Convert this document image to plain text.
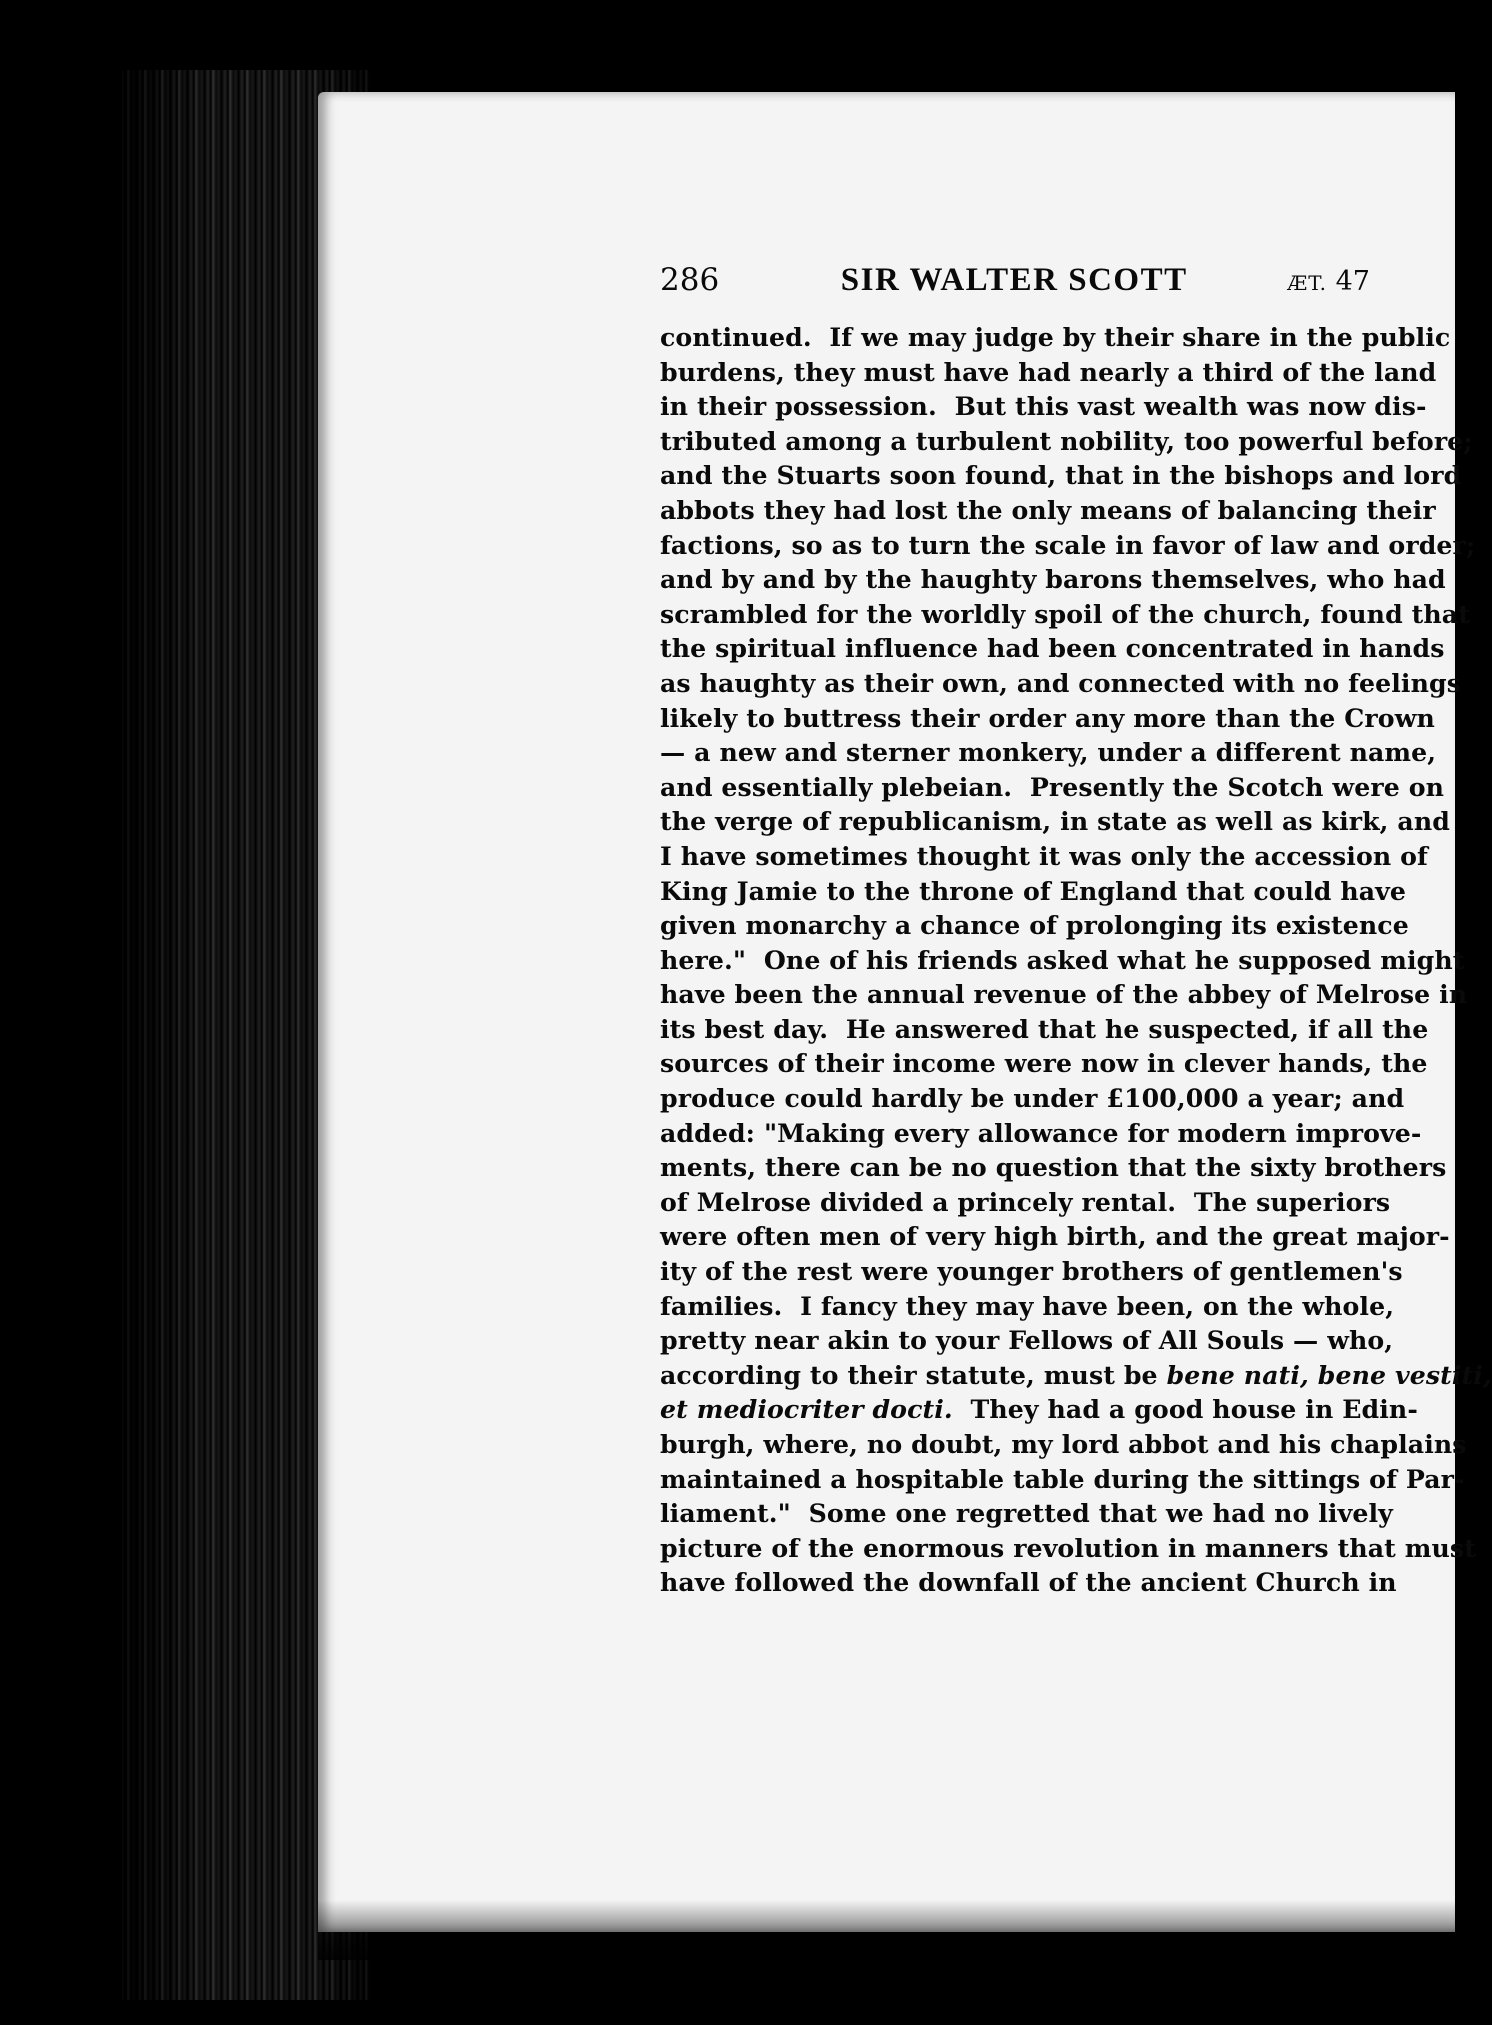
286	SIR WALTER SCOTT	ÆT. 47
continued.  If we may judge by their share in the public
burdens, they must have had nearly a third of the land
in their possession.  But this vast wealth was now dis-
tributed among a turbulent nobility, too powerful before;
and the Stuarts soon found, that in the bishops and lord
abbots they had lost the only means of balancing their
factions, so as to turn the scale in favor of law and order;
and by and by the haughty barons themselves, who had
scrambled for the worldly spoil of the church, found that
the spiritual influence had been concentrated in hands
as haughty as their own, and connected with no feelings
likely to buttress their order any more than the Crown
— a new and sterner monkery, under a different name,
and essentially plebeian.  Presently the Scotch were on
the verge of republicanism, in state as well as kirk, and
I have sometimes thought it was only the accession of
King Jamie to the throne of England that could have
given monarchy a chance of prolonging its existence
here."  One of his friends asked what he supposed might
have been the annual revenue of the abbey of Melrose in
its best day.  He answered that he suspected, if all the
sources of their income were now in clever hands, the
produce could hardly be under £100,000 a year; and
added: "Making every allowance for modern improve-
ments, there can be no question that the sixty brothers
of Melrose divided a princely rental.  The superiors
were often men of very high birth, and the great major-
ity of the rest were younger brothers of gentlemen's
families.  I fancy they may have been, on the whole,
pretty near akin to your Fellows of All Souls — who,
according to their statute, must be bene nati, bene vestiti,
et mediocriter docti.  They had a good house in Edin-
burgh, where, no doubt, my lord abbot and his chaplains
maintained a hospitable table during the sittings of Par-
liament."  Some one regretted that we had no lively
picture of the enormous revolution in manners that must
have followed the downfall of the ancient Church in
